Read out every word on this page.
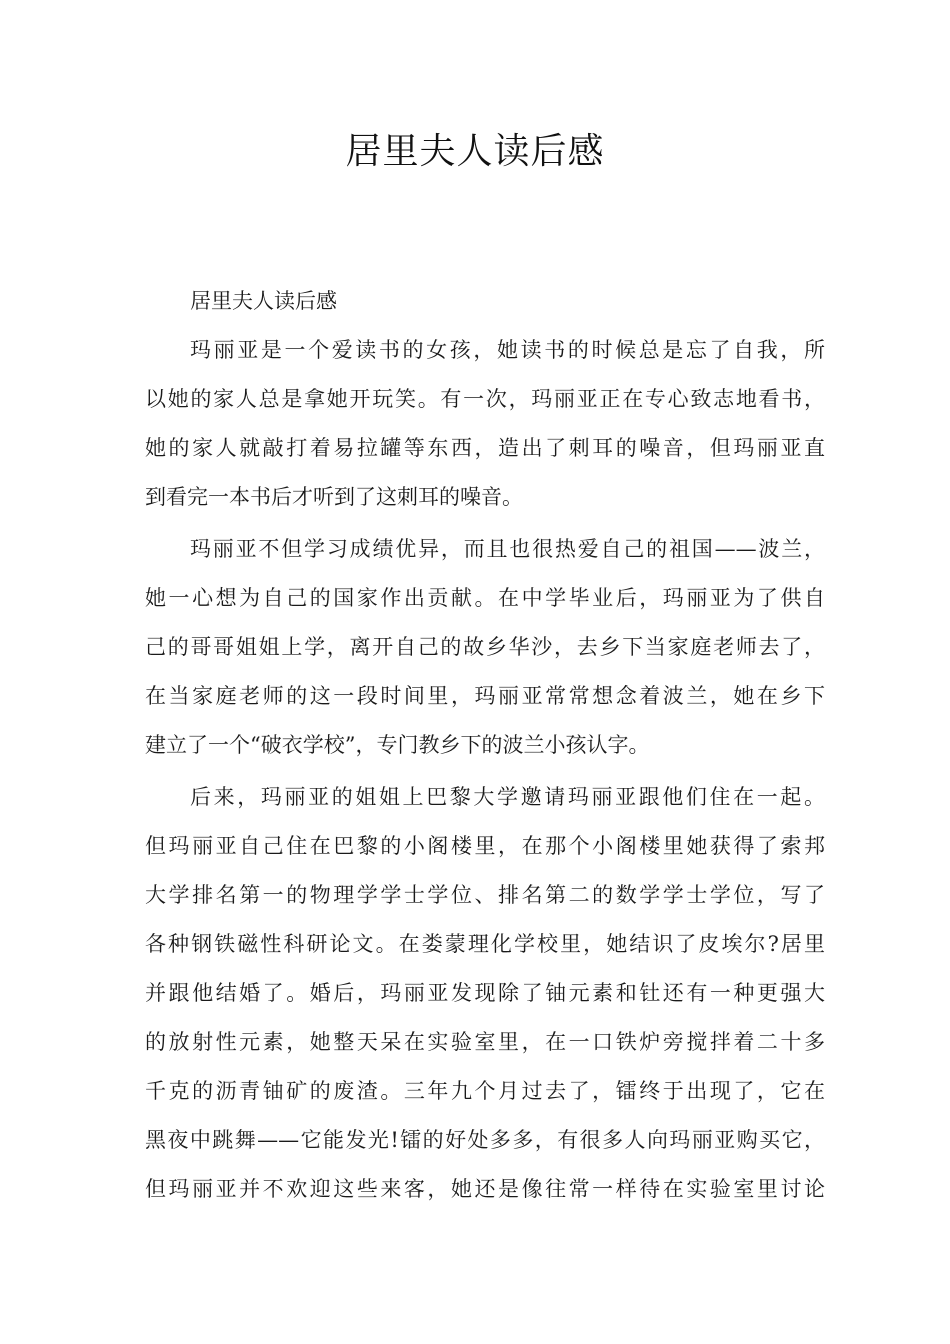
居里夫人读后感
居里夫人读后感
玛丽亚是一个爱读书的女孩，她读书的时候总是忘了自我，所
以她的家人总是拿她开玩笑。有一次，玛丽亚正在专心致志地看书，
她的家人就敲打着易拉罐等东西，造出了刺耳的噪音，但玛丽亚直
到看完一本书后才听到了这刺耳的噪音。
玛丽亚不但学习成绩优异，而且也很热爱自己的祖国——波兰，
她一心想为自己的国家作出贡献。在中学毕业后，玛丽亚为了供自
己的哥哥姐姐上学，离开自己的故乡华沙，去乡下当家庭老师去了，
在当家庭老师的这一段时间里，玛丽亚常常想念着波兰，她在乡下
建立了一个“破衣学校”，专门教乡下的波兰小孩认字。
后来，玛丽亚的姐姐上巴黎大学邀请玛丽亚跟他们住在一起。
但玛丽亚自己住在巴黎的小阁楼里，在那个小阁楼里她获得了索邦
大学排名第一的物理学学士学位、排名第二的数学学士学位，写了
各种钢铁磁性科研论文。在娄蒙理化学校里，她结识了皮埃尔?居里
并跟他结婚了。婚后，玛丽亚发现除了铀元素和钍还有一种更强大
的放射性元素，她整天呆在实验室里，在一口铁炉旁搅拌着二十多
千克的沥青铀矿的废渣。三年九个月过去了，镭终于出现了，它在
黑夜中跳舞——它能发光!镭的好处多多，有很多人向玛丽亚购买它，
但玛丽亚并不欢迎这些来客，她还是像往常一样待在实验室里讨论
